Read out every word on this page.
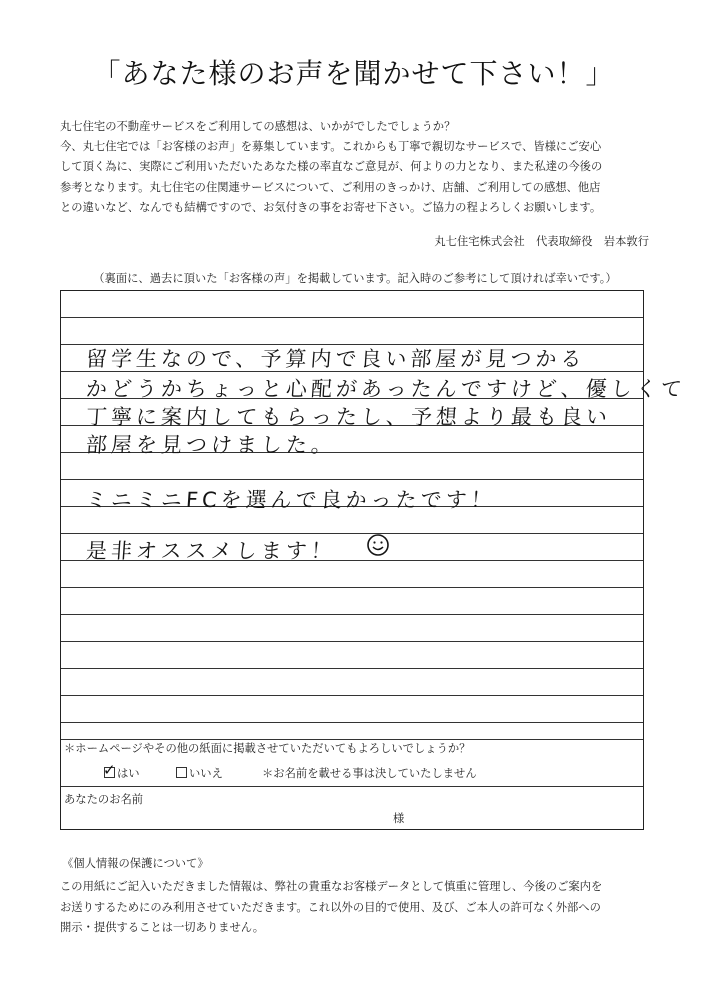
「あなた様のお声を聞かせて下さい！」
丸七住宅の不動産サービスをご利用しての感想は、いかがでしたでしょうか？
今、丸七住宅では「お客様のお声」を募集しています。これからも丁寧で親切なサービスで、皆様にご安心
して頂く為に、実際にご利用いただいたあなた様の率直なご意見が、何よりの力となり、また私達の今後の
参考となります。丸七住宅の住関連サービスについて、ご利用のきっかけ、店舗、ご利用しての感想、他店
との違いなど、なんでも結構ですので、お気付きの事をお寄せ下さい。ご協力の程よろしくお願いします。
丸七住宅株式会社　代表取締役　岩本敦行
（裏面に、過去に頂いた「お客様の声」を掲載しています。記入時のご参考にして頂ければ幸いです。）
留学生なので、予算内で良い部屋が見つかる
かどうかちょっと心配があったんですけど、優しくて
丁寧に案内してもらったし、予想より最も良い
部屋を見つけました。
ミニミニFCを選んで良かったです！
是非オススメします！
＊ホームページやその他の紙面に掲載させていただいてもよろしいでしょうか？
✓ はい	いいえ	＊お名前を載せる事は決していたしません
あなたのお名前
様
《個人情報の保護について》
この用紙にご記入いただきました情報は、弊社の貴重なお客様データとして慎重に管理し、今後のご案内を
お送りするためにのみ利用させていただきます。これ以外の目的で使用、及び、ご本人の許可なく外部への
開示・提供することは一切ありません。
